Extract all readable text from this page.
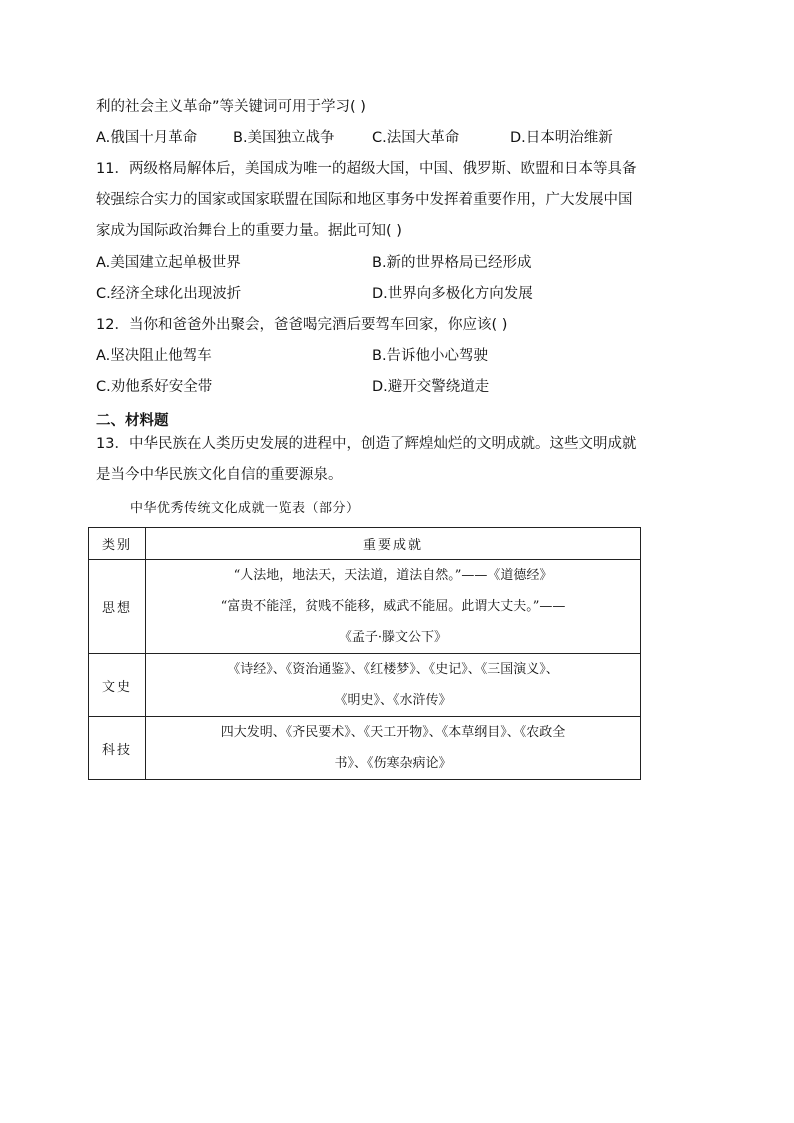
利的社会主义革命”等关键词可用于学习( )
A.俄国十月革命 B.美国独立战争	C.法国大革命	D.日本明治维新
11．两级格局解体后，美国成为唯一的超级大国，中国、俄罗斯、欧盟和日本等具备
较强综合实力的国家或国家联盟在国际和地区事务中发挥着重要作用，广大发展中国
家成为国际政治舞台上的重要力量。据此可知( )
A.美国建立起单极世界	B.新的世界格局已经形成
C.经济全球化出现波折	D.世界向多极化方向发展
12．当你和爸爸外出聚会，爸爸喝完酒后要驾车回家，你应该( )
A.坚决阻止他驾车	B.告诉他小心驾驶
C.劝他系好安全带	D.避开交警绕道走
二、材料题
13．中华民族在人类历史发展的进程中，创造了辉煌灿烂的文明成就。这些文明成就
是当今中华民族文化自信的重要源泉。
中华优秀传统文化成就一览表（部分）
类别	重要成就
思想	“人法地，地法天，天法道，道法自然。”——《道德经》
“富贵不能淫，贫贱不能移，威武不能屈。此谓大丈夫。”——
《孟子·滕文公下》

文史	《诗经》、《资治通鉴》、《红楼梦》、《史记》、《三国演义》、
《明史》、《水浒传》

科技	四大发明、《齐民要术》、《天工开物》、《本草纲目》、《农政全
书》、《伤寒杂病论》
